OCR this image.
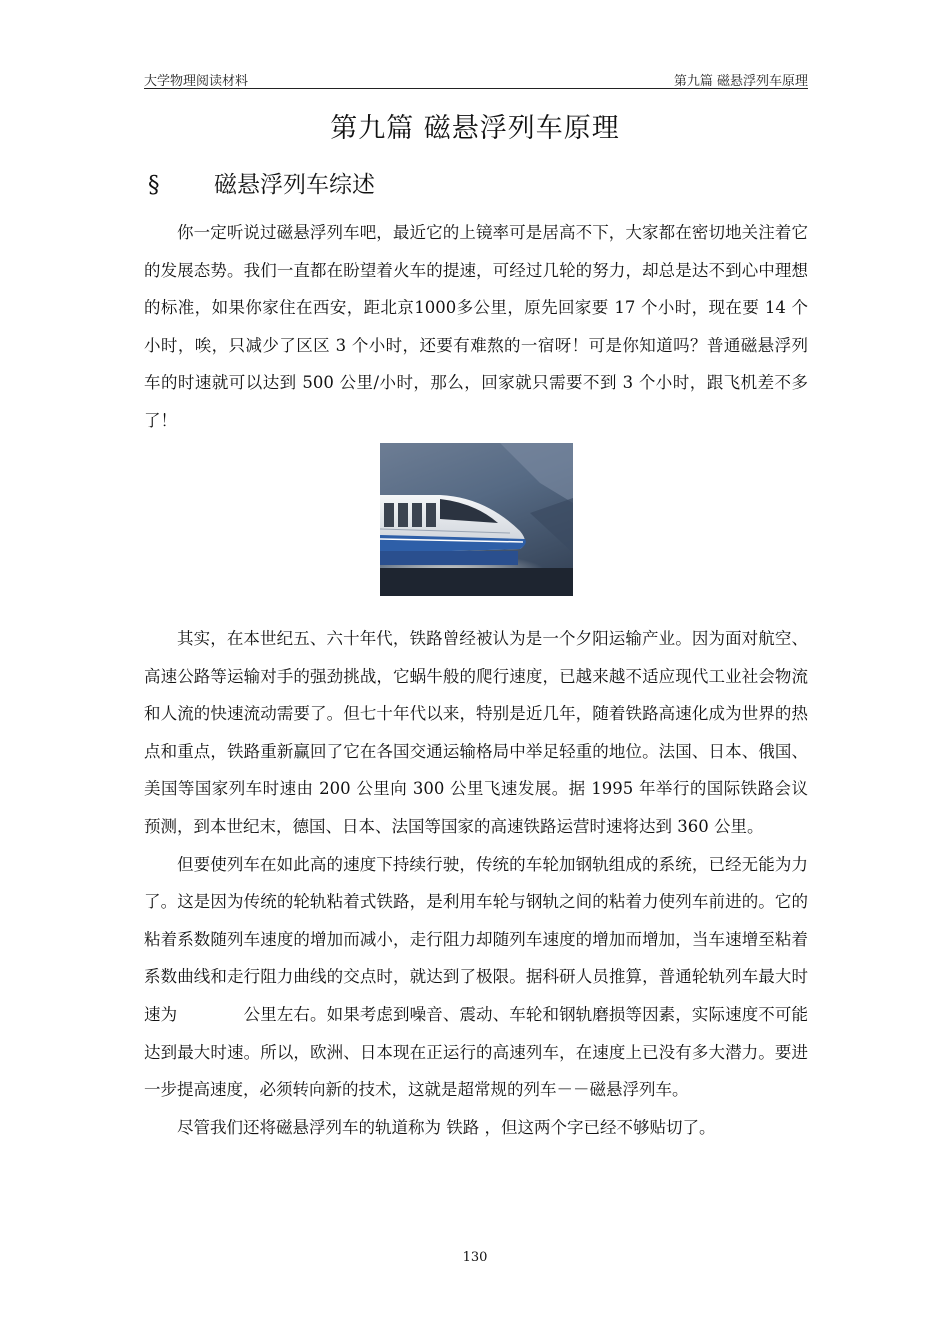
大学物理阅读材料	第九篇 磁悬浮列车原理
第九篇 磁悬浮列车原理
§ 磁悬浮列车综述

你一定听说过磁悬浮列车吧，最近它的上镜率可是居高不下，大家都在密切地关注着它的发展态势。我们一直都在盼望着火车的提速，可经过几轮的努力，却总是达不到心中理想的标准，如果你家住在西安，距北京1000多公里，原先回家要 17 个小时，现在要 14 个小时，唉，只减少了区区 3 个小时，还要有难熬的一宿呀！可是你知道吗？普通磁悬浮列车的时速就可以达到 500 公里/小时，那么，回家就只需要不到 3 个小时，跟飞机差不多了！

其实，在本世纪五、六十年代，铁路曾经被认为是一个夕阳运输产业。因为面对航空、高速公路等运输对手的强劲挑战，它蜗牛般的爬行速度，已越来越不适应现代工业社会物流和人流的快速流动需要了。但七十年代以来，特别是近几年，随着铁路高速化成为世界的热点和重点，铁路重新赢回了它在各国交通运输格局中举足轻重的地位。法国、日本、俄国、美国等国家列车时速由 200 公里向 300 公里飞速发展。据 1995 年举行的国际铁路会议预测，到本世纪末，德国、日本、法国等国家的高速铁路运营时速将达到 360 公里。

但要使列车在如此高的速度下持续行驶，传统的车轮加钢轨组成的系统，已经无能为力了。这是因为传统的轮轨粘着式铁路，是利用车轮与钢轨之间的粘着力使列车前进的。它的粘着系数随列车速度的增加而减小，走行阻力却随列车速度的增加而增加，当车速增至粘着系数曲线和走行阻力曲线的交点时，就达到了极限。据科研人员推算，普通轮轨列车最大时速为　　　　公里左右。如果考虑到噪音、震动、车轮和钢轨磨损等因素，实际速度不可能达到最大时速。所以，欧洲、日本现在正运行的高速列车，在速度上已没有多大潜力。要进一步提高速度，必须转向新的技术，这就是超常规的列车－－磁悬浮列车。

尽管我们还将磁悬浮列车的轨道称为 铁路 ，但这两个字已经不够贴切了。

130
